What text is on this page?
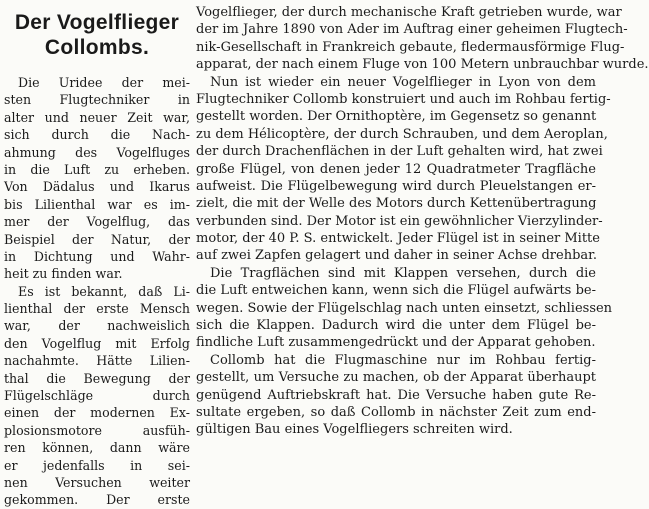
Der Vogelflieger
Collombs.
Die Uridee der mei-
sten Flugtechniker in
alter und neuer Zeit war,
sich durch die Nach-
ahmung des Vogelfluges
in die Luft zu erheben.
Von Dädalus und Ikarus
bis Lilienthal war es im-
mer der Vogelflug, das
Beispiel der Natur, der
in Dichtung und Wahr-
heit zu finden war.
Es ist bekannt, daß Li-
lienthal der erste Mensch
war, der nachweislich
den Vogelflug mit Erfolg
nachahmte. Hätte Lilien-
thal die Bewegung der
Flügelschläge durch
einen der modernen Ex-
plosionsmotore ausfüh-
ren können, dann wäre
er jedenfalls in sei-
nen Versuchen weiter
gekommen. Der erste
Vogelflieger, der durch mechanische Kraft getrieben wurde, war
der im Jahre 1890 von Ader im Auftrag einer geheimen Flugtech-
nik-Gesellschaft in Frankreich gebaute, fledermausförmige Flug-
apparat, der nach einem Fluge von 100 Metern unbrauchbar wurde.
Nun ist wieder ein neuer Vogelflieger in Lyon von dem
Flugtechniker Collomb konstruiert und auch im Rohbau fertig-
gestellt worden. Der Ornithoptère, im Gegensetz so genannt
zu dem Hélicoptère, der durch Schrauben, und dem Aeroplan,
der durch Drachenflächen in der Luft gehalten wird, hat zwei
große Flügel, von denen jeder 12 Quadratmeter Tragfläche
aufweist. Die Flügelbewegung wird durch Pleuelstangen er-
zielt, die mit der Welle des Motors durch Kettenübertragung
verbunden sind. Der Motor ist ein gewöhnlicher Vierzylinder-
motor, der 40 P. S. entwickelt. Jeder Flügel ist in seiner Mitte
auf zwei Zapfen gelagert und daher in seiner Achse drehbar.
Die Tragflächen sind mit Klappen versehen, durch die
die Luft entweichen kann, wenn sich die Flügel aufwärts be-
wegen. Sowie der Flügelschlag nach unten einsetzt, schliessen
sich die Klappen. Dadurch wird die unter dem Flügel be-
findliche Luft zusammengedrückt und der Apparat gehoben.
Collomb hat die Flugmaschine nur im Rohbau fertig-
gestellt, um Versuche zu machen, ob der Apparat überhaupt
genügend Auftriebskraft hat. Die Versuche haben gute Re-
sultate ergeben, so daß Collomb in nächster Zeit zum end-
gültigen Bau eines Vogelfliegers schreiten wird.
